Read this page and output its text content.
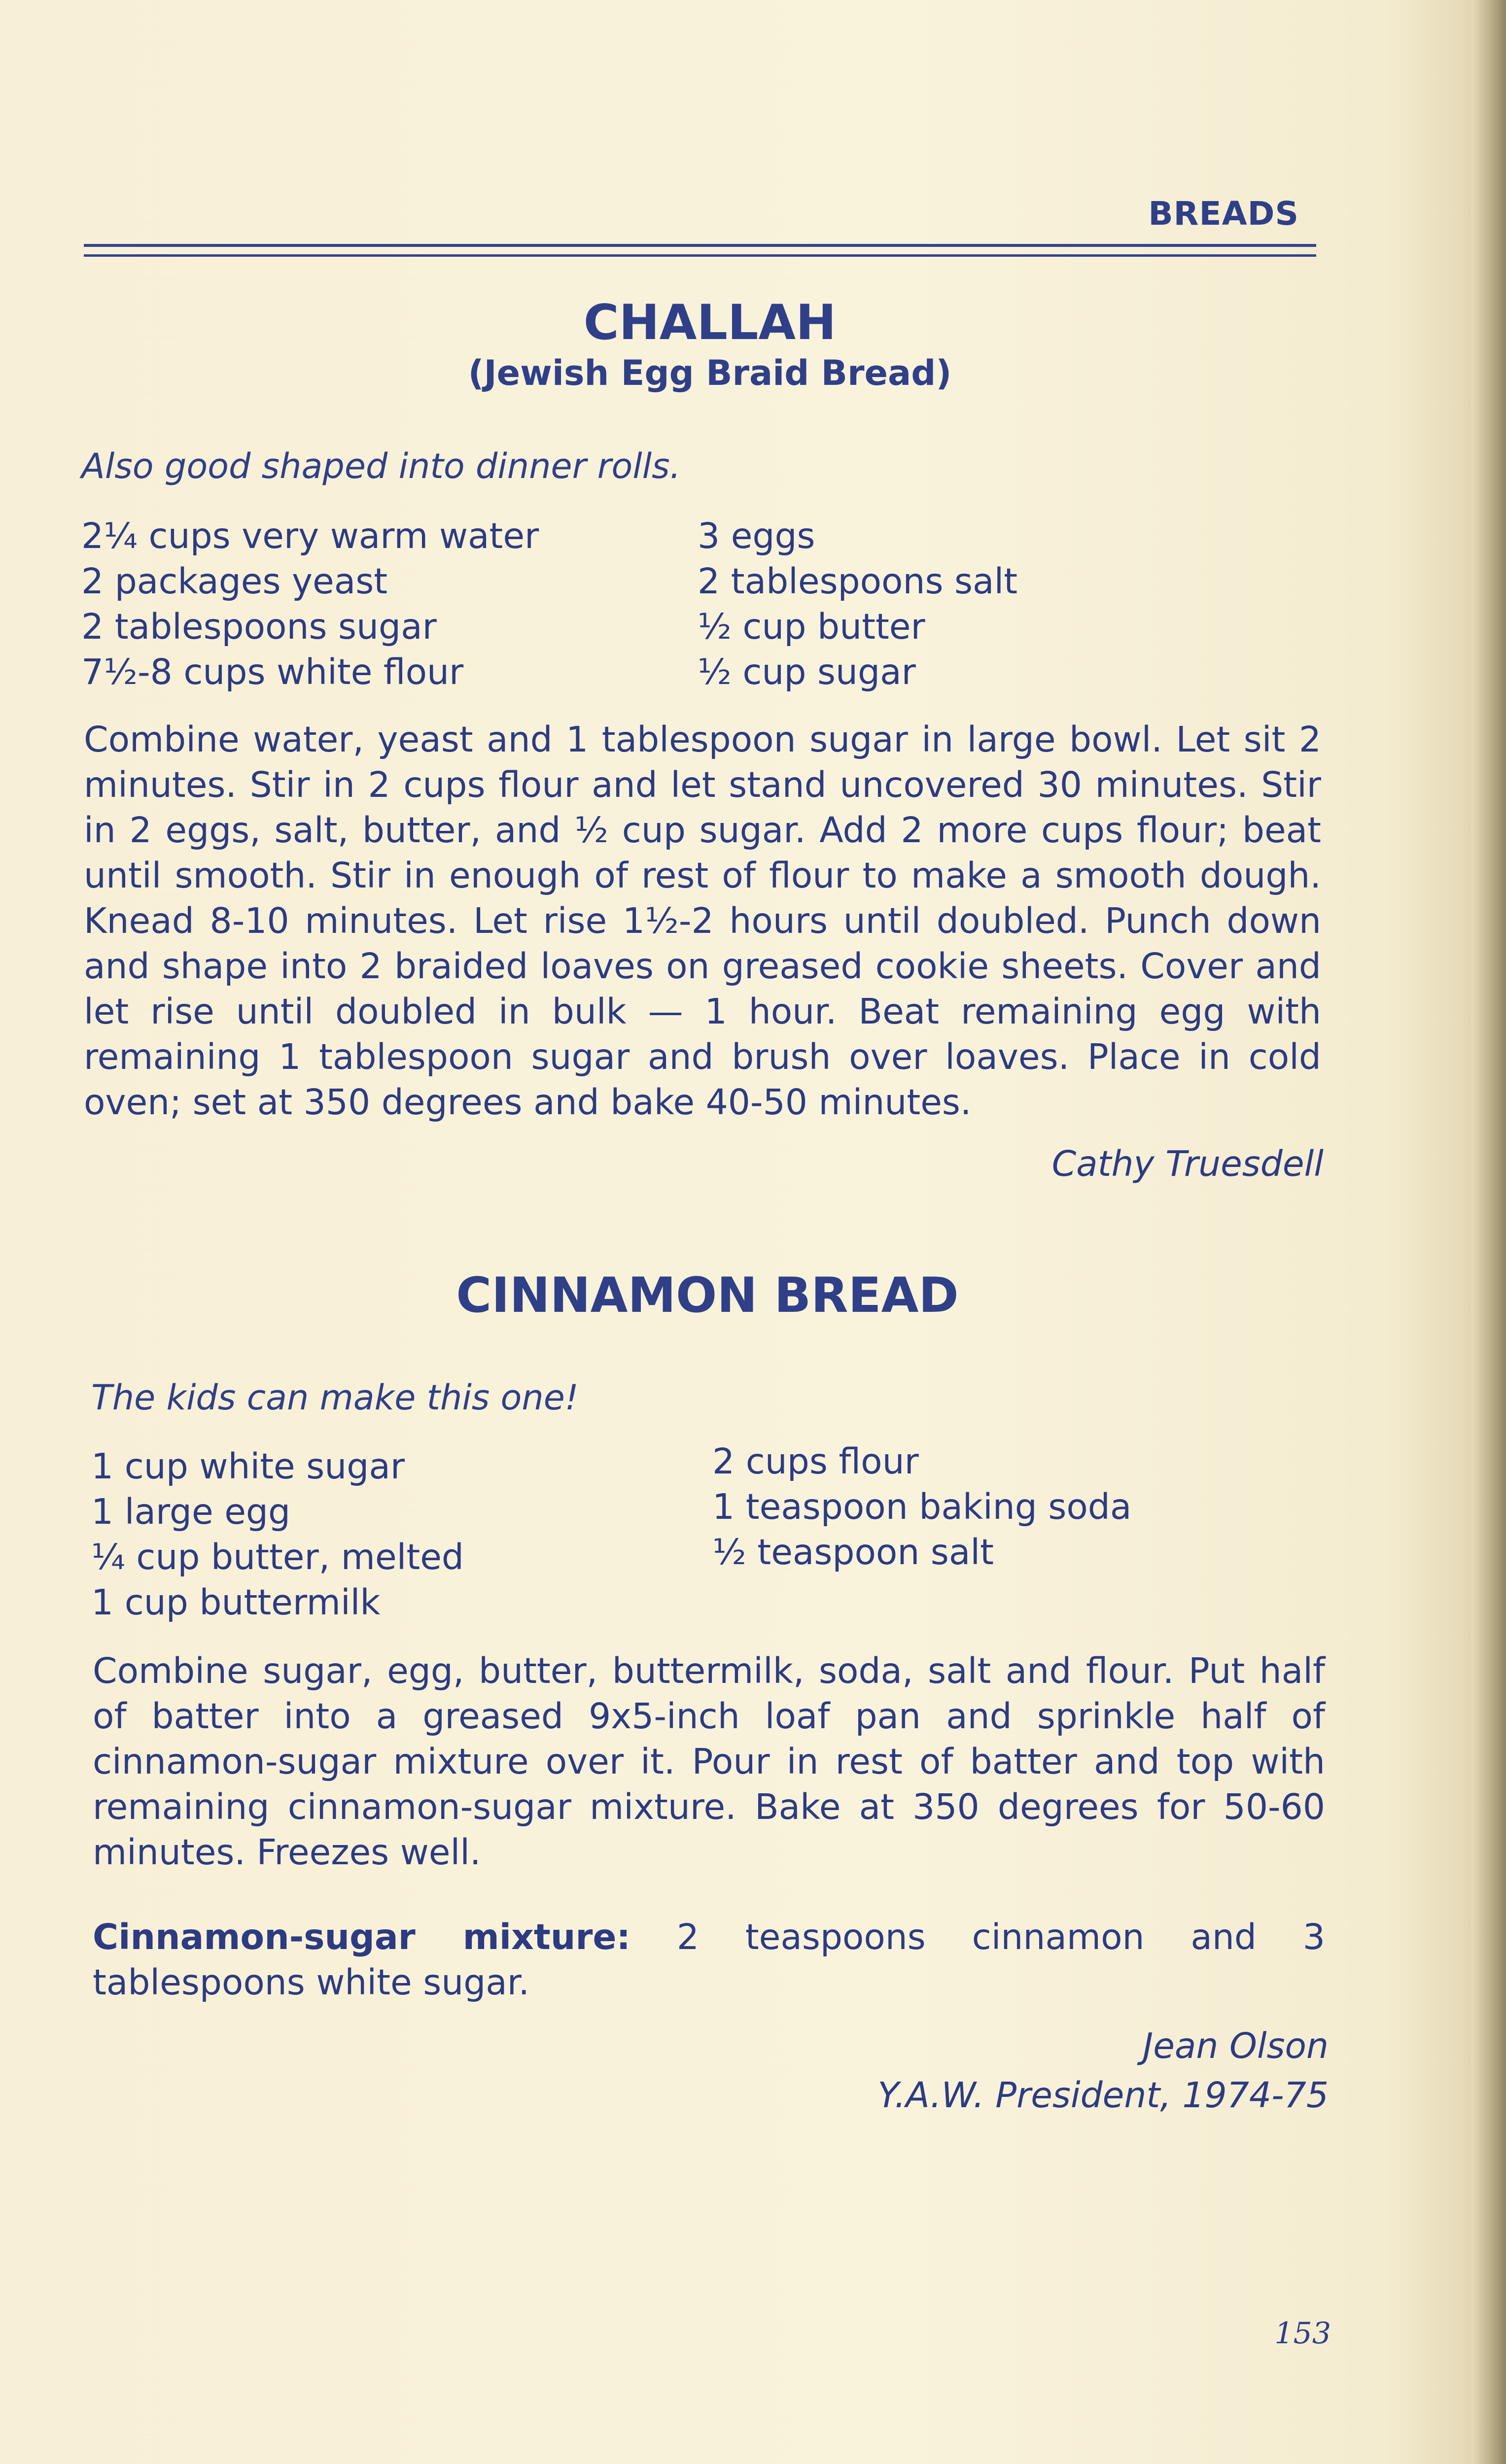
BREADS
CHALLAH
(Jewish Egg Braid Bread)
Also good shaped into dinner rolls.
2¼ cups very warm water
2 packages yeast
2 tablespoons sugar
7½-8 cups white flour
3 eggs
2 tablespoons salt
½ cup butter
½ cup sugar
Combine water, yeast and 1 tablespoon sugar in large bowl. Let sit 2 minutes. Stir in 2 cups flour and let stand uncovered 30 minutes. Stir in 2 eggs, salt, butter, and ½ cup sugar. Add 2 more cups flour; beat until smooth. Stir in enough of rest of flour to make a smooth dough. Knead 8-10 minutes. Let rise 1½-2 hours until doubled. Punch down and shape into 2 braided loaves on greased cookie sheets. Cover and let rise until doubled in bulk — 1 hour. Beat remaining egg with remaining 1 tablespoon sugar and brush over loaves. Place in cold oven; set at 350 degrees and bake 40-50 minutes.
Cathy Truesdell
CINNAMON BREAD
The kids can make this one!
1 cup white sugar
1 large egg
¼ cup butter, melted
1 cup buttermilk
2 cups flour
1 teaspoon baking soda
½ teaspoon salt
Combine sugar, egg, butter, buttermilk, soda, salt and flour. Put half of batter into a greased 9x5-inch loaf pan and sprinkle half of cinnamon-sugar mixture over it. Pour in rest of batter and top with remaining cinnamon-sugar mixture. Bake at 350 degrees for 50-60 minutes. Freezes well.
Cinnamon-sugar mixture: 2 teaspoons cinnamon and 3 tablespoons white sugar.
Jean Olson
Y.A.W. President, 1974-75
153
